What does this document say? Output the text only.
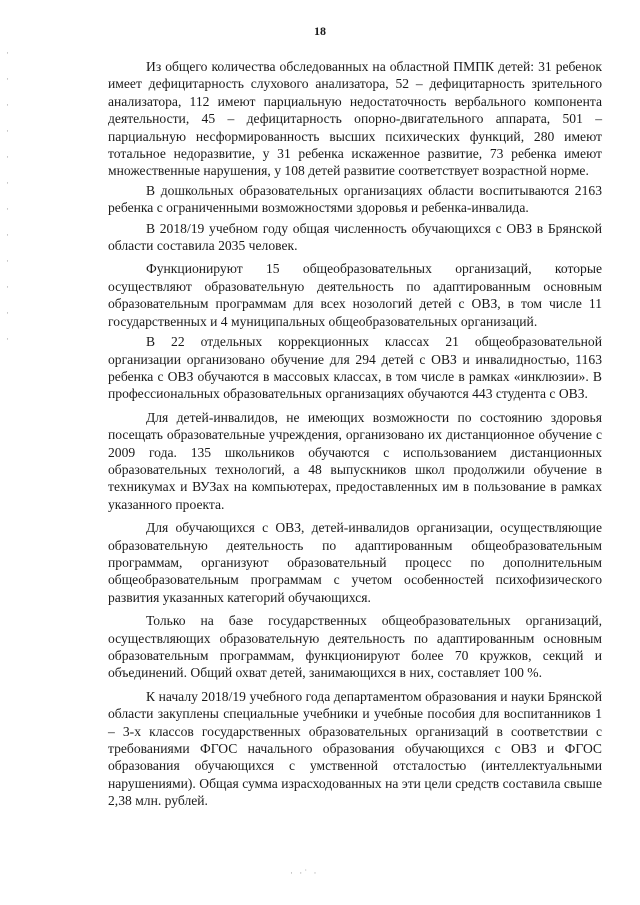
18

Из общего количества обследованных на областной ПМПК детей: 31 ребенок имеет дефицитарность слухового анализатора, 52 – дефицитарность зрительного анализатора, 112 имеют парциальную недостаточность вербального компонента деятельности, 45 – дефицитарность опорно-двигательного аппарата, 501 – парциальную несформированность высших психических функций, 280 имеют тотальное недоразвитие, у 31 ребенка искаженное развитие, 73 ребенка имеют множественные нарушения, у 108 детей развитие соответствует возрастной норме.

В дошкольных образовательных организациях области воспитываются 2163 ребенка с ограниченными возможностями здоровья и ребенка-инвалида.

В 2018/19 учебном году общая численность обучающихся с ОВЗ в Брянской области составила 2035 человек.

Функционируют 15 общеобразовательных организаций, которые осуществляют образовательную деятельность по адаптированным основным образовательным программам для всех нозологий детей с ОВЗ, в том числе 11 государственных и 4 муниципальных общеобразовательных организаций.

В 22 отдельных коррекционных классах 21 общеобразовательной организации организовано обучение для 294 детей с ОВЗ и инвалидностью, 1163 ребенка с ОВЗ обучаются в массовых классах, в том числе в рамках «инклюзии». В профессиональных образовательных организациях обучаются 443 студента с ОВЗ.

Для детей-инвалидов, не имеющих возможности по состоянию здоровья посещать образовательные учреждения, организовано их дистанционное обучение с 2009 года. 135 школьников обучаются с использованием дистанционных образовательных технологий, а 48 выпускников школ продолжили обучение в техникумах и ВУЗах на компьютерах, предоставленных им в пользование в рамках указанного проекта.

Для обучающихся с ОВЗ, детей-инвалидов организации, осуществляющие образовательную деятельность по адаптированным общеобразовательным программам, организуют образовательный процесс по дополнительным общеобразовательным программам с учетом особенностей психофизического развития указанных категорий обучающихся.

Только на базе государственных общеобразовательных организаций, осуществляющих образовательную деятельность по адаптированным основным образовательным программам, функционируют более 70 кружков, секций и объединений. Общий охват детей, занимающихся в них, составляет 100 %.

К началу 2018/19 учебного года департаментом образования и науки Брянской области закуплены специальные учебники и учебные пособия для воспитанников 1 – 3-х классов государственных образовательных организаций в соответствии с требованиями ФГОС начального образования обучающихся с ОВЗ и ФГОС образования обучающихся с умственной отсталостью (интеллектуальными нарушениями). Общая сумма израсходованных на эти цели средств составила свыше 2,38 млн. рублей.

· · · · · · · · · · · ·
· ·˙ ·
